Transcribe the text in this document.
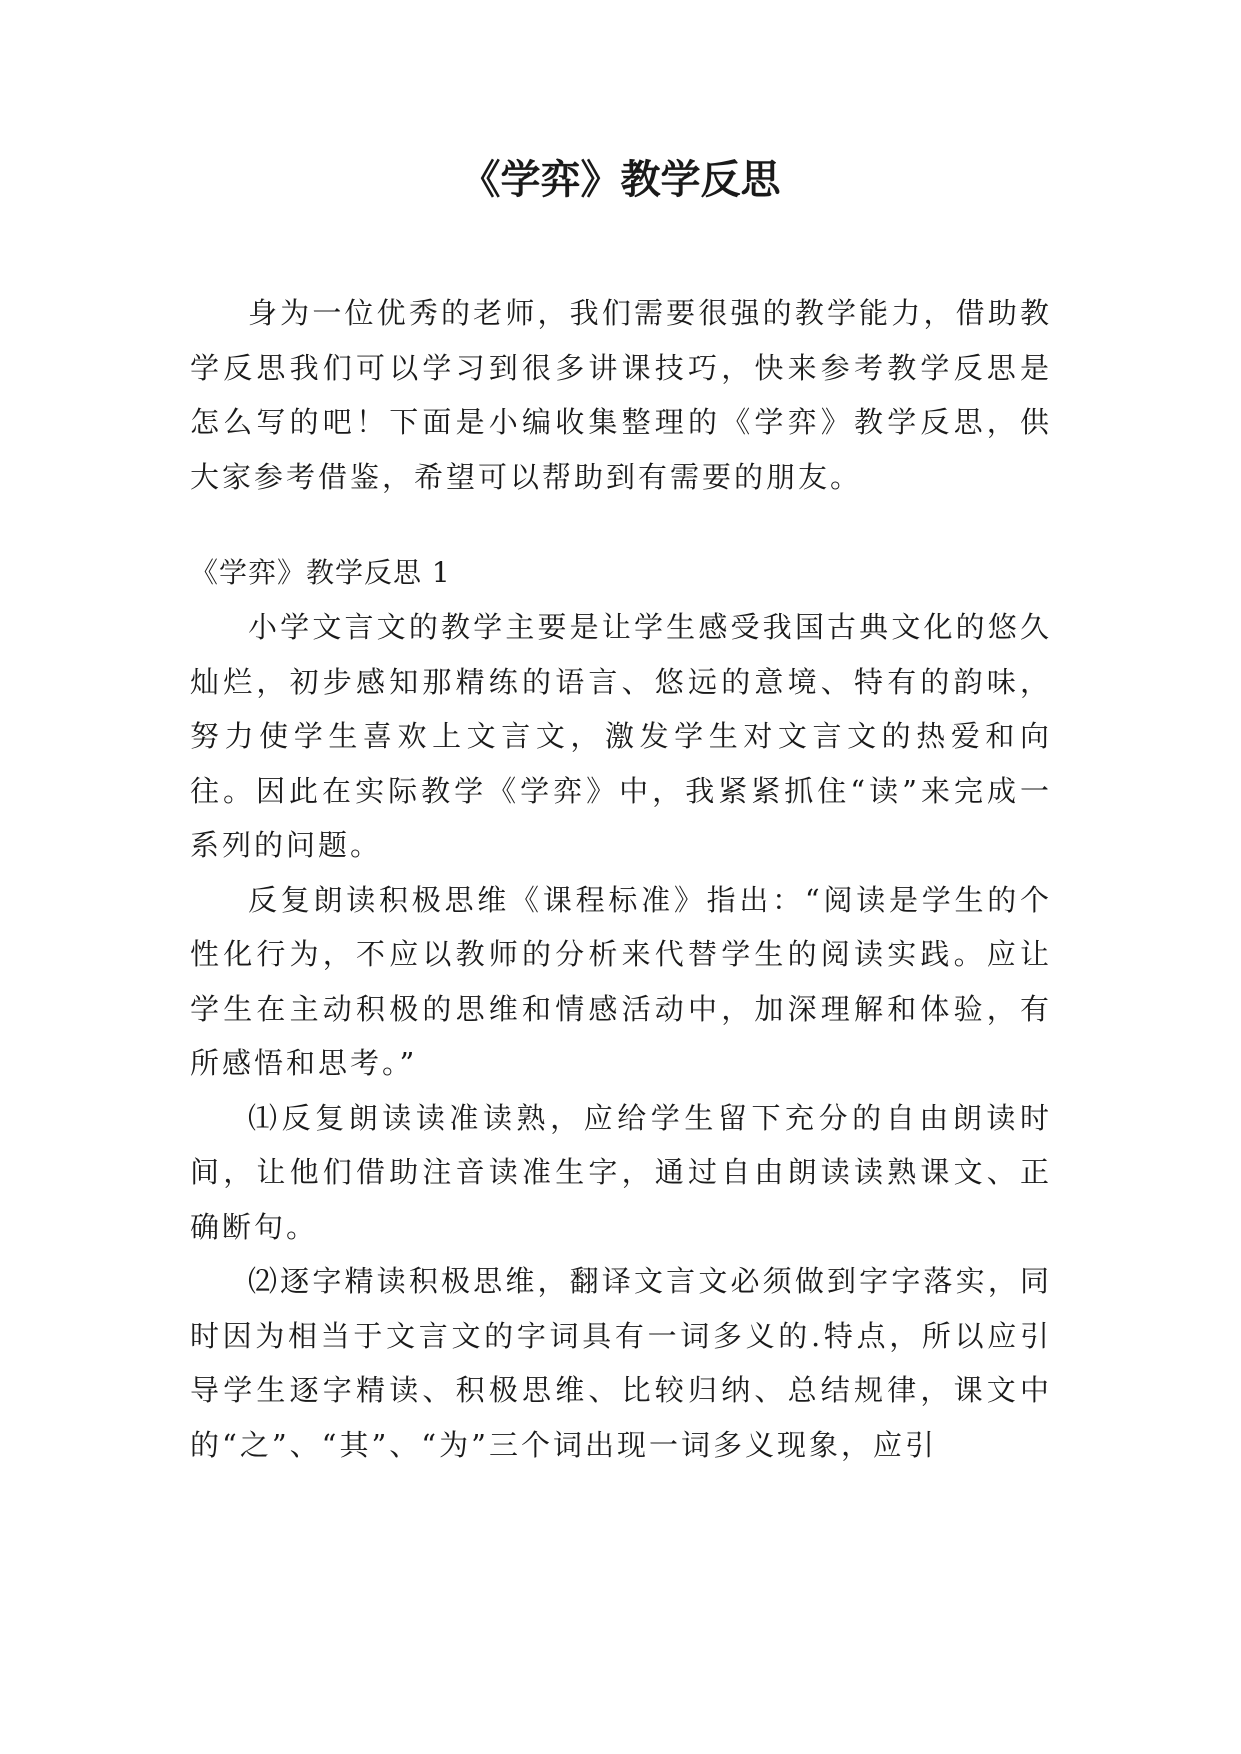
《学弈》教学反思

身为一位优秀的老师，我们需要很强的教学能力，借助教学反思我们可以学习到很多讲课技巧，快来参考教学反思是怎么写的吧！下面是小编收集整理的《学弈》教学反思，供大家参考借鉴，希望可以帮助到有需要的朋友。

《学弈》教学反思 1

小学文言文的教学主要是让学生感受我国古典文化的悠久灿烂，初步感知那精练的语言、悠远的意境、特有的韵味，努力使学生喜欢上文言文，激发学生对文言文的热爱和向往。因此在实际教学《学弈》中，我紧紧抓住“读”来完成一系列的问题。

反复朗读积极思维《课程标准》指出：“阅读是学生的个性化行为，不应以教师的分析来代替学生的阅读实践。应让学生在主动积极的思维和情感活动中，加深理解和体验，有所感悟和思考。”

⑴反复朗读读准读熟，应给学生留下充分的自由朗读时间，让他们借助注音读准生字，通过自由朗读读熟课文、正确断句。

⑵逐字精读积极思维，翻译文言文必须做到字字落实，同时因为相当于文言文的字词具有一词多义的.特点，所以应引导学生逐字精读、积极思维、比较归纳、总结规律，课文中的“之”、“其”、“为”三个词出现一词多义现象，应引
